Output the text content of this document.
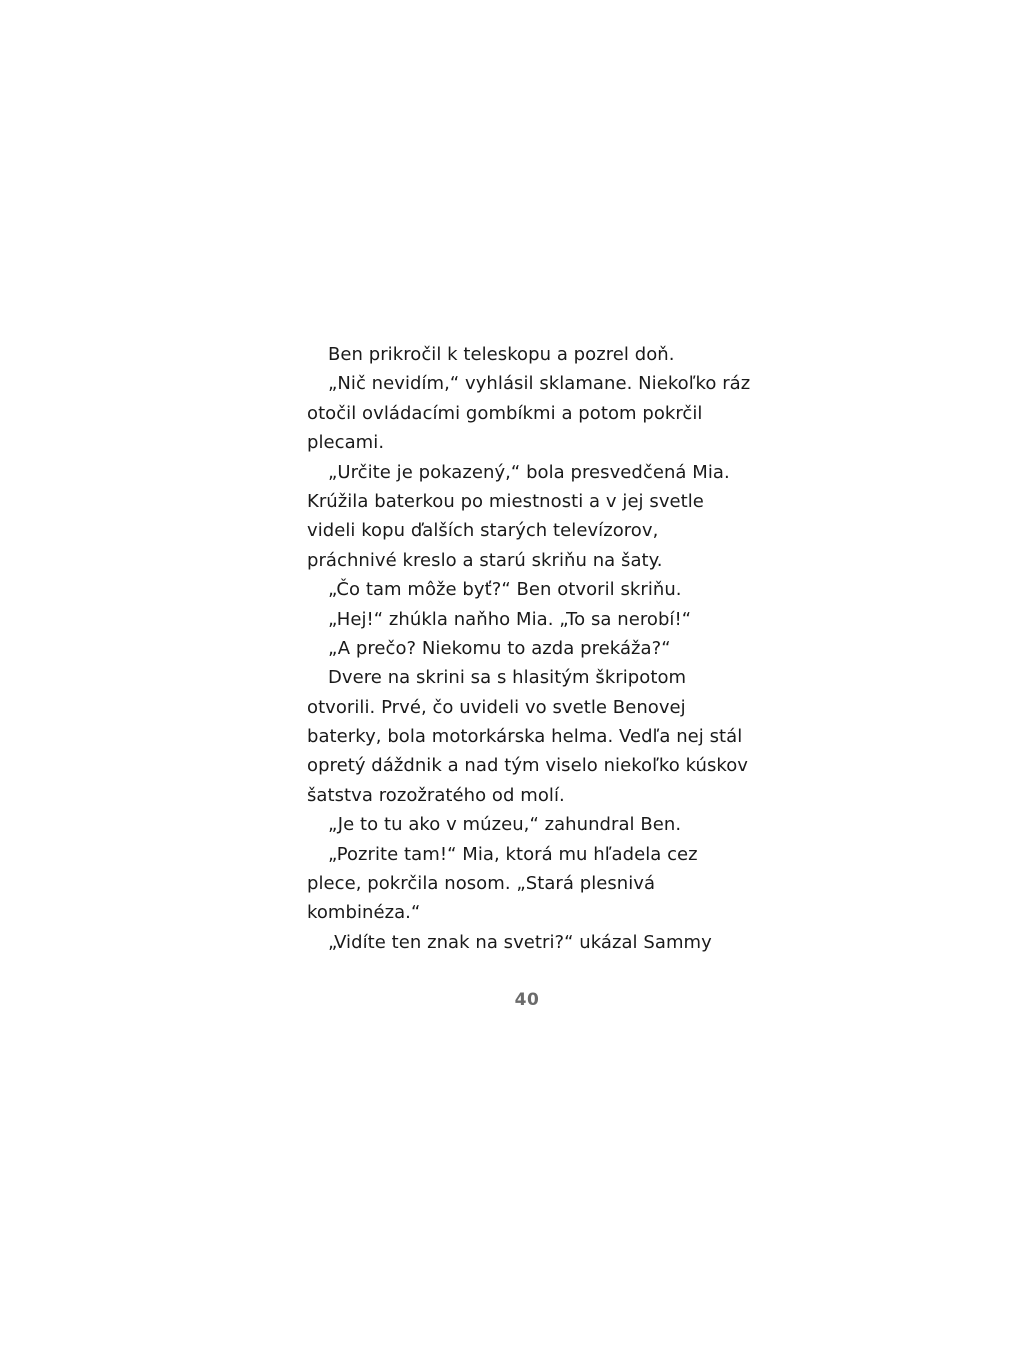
Ben prikročil k teleskopu a pozrel doň.
„Nič nevidím,“ vyhlásil sklamane. Niekoľko ráz
otočil ovládacími gombíkmi a potom pokrčil
plecami.
„Určite je pokazený,“ bola presvedčená Mia.
Krúžila baterkou po miestnosti a v jej svetle
videli kopu ďalších starých televízorov,
práchnivé kreslo a starú skriňu na šaty.
„Čo tam môže byť?“ Ben otvoril skriňu.
„Hej!“ zhúkla naňho Mia. „To sa nerobí!“
„A prečo? Niekomu to azda prekáža?“
Dvere na skrini sa s hlasitým škripotom
otvorili. Prvé, čo uvideli vo svetle Benovej
baterky, bola motorkárska helma. Vedľa nej stál
opretý dáždnik a nad tým viselo niekoľko kúskov
šatstva rozožratého od molí.
„Je to tu ako v múzeu,“ zahundral Ben.
„Pozrite tam!“ Mia, ktorá mu hľadela cez
plece, pokrčila nosom. „Stará plesnivá
kombinéza.“
„Vidíte ten znak na svetri?“ ukázal Sammy
40
